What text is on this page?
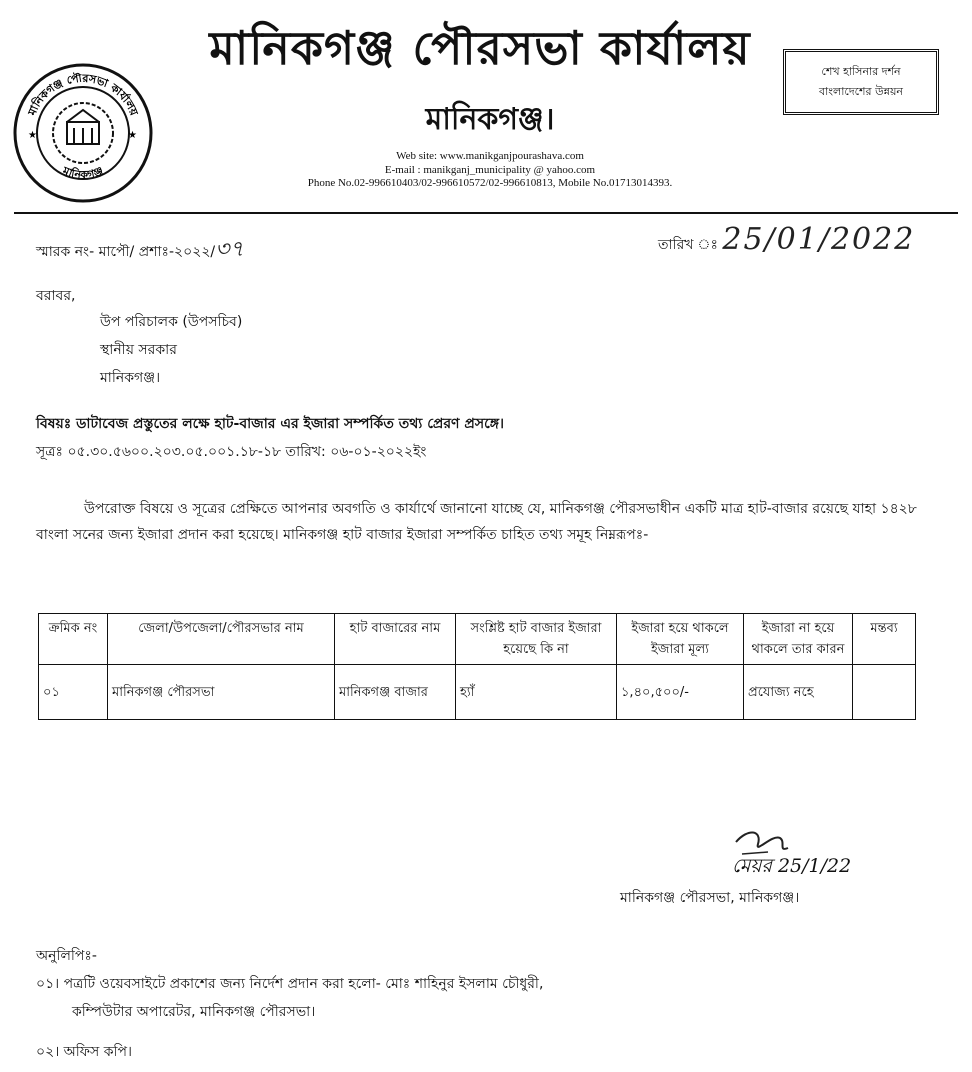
★	★
মানিকগঞ্জ পৌরসভা কার্যালয়
মানিকগঞ্জ
মানিকগঞ্জ পৌরসভা কার্যালয়
মানিকগঞ্জ।
শেখ হাসিনার দর্শন
বাংলাদেশের উন্নয়ন
Web site: www.manikganjpourashava.com
E-mail : manikganj_municipality @ yahoo.com
Phone No.02-996610403/02-996610572/02-996610813, Mobile No.01713014393.
স্মারক নং- মাপৌ/ প্রশাঃ-২০২২/৩৭	তারিখ ঃ 25/01/2022
বরাবর,
উপ পরিচালক (উপসচিব)
স্থানীয় সরকার
মানিকগঞ্জ।
বিষয়ঃ ডাটাবেজ প্রস্তুতের লক্ষে হাট-বাজার এর ইজারা সম্পর্কিত তথ্য প্রেরণ প্রসঙ্গে।
সূত্রঃ ০৫.৩০.৫৬০০.২০৩.০৫.০০১.১৮-১৮ তারিখ: ০৬-০১-২০২২ইং
উপরোক্ত বিষয়ে ও সূত্রের প্রেক্ষিতে আপনার অবগতি ও কার্যার্থে জানানো যাচ্ছে যে, মানিকগঞ্জ পৌরসভাধীন একটি মাত্র হাট-বাজার রয়েছে যাহা ১৪২৮ বাংলা সনের জন্য ইজারা প্রদান করা হয়েছে। মানিকগঞ্জ হাট বাজার ইজারা সম্পর্কিত চাহিত তথ্য সমূহ নিম্নরূপঃ-
ক্রমিক নং	জেলা/উপজেলা/পৌরসভার নাম	হাট বাজারের নাম	সংশ্লিষ্ট হাট বাজার ইজারা হয়েছে কি না	ইজারা হয়ে থাকলে ইজারা মূল্য	ইজারা না হয়ে থাকলে তার কারন	মন্তব্য
০১	মানিকগঞ্জ পৌরসভা	মানিকগঞ্জ বাজার	হ্যাঁ	১,৪০,৫০০/-	প্রযোজ্য নহে	
মেয়র 25/1/22
মানিকগঞ্জ পৌরসভা, মানিকগঞ্জ।
অনুলিপিঃ-
০১। পত্রটি ওয়েবসাইটে প্রকাশের জন্য নির্দেশ প্রদান করা হলো- মোঃ শাহিনুর ইসলাম চৌধুরী,
কম্পিউটার অপারেটর, মানিকগঞ্জ পৌরসভা।
০২। অফিস কপি।
